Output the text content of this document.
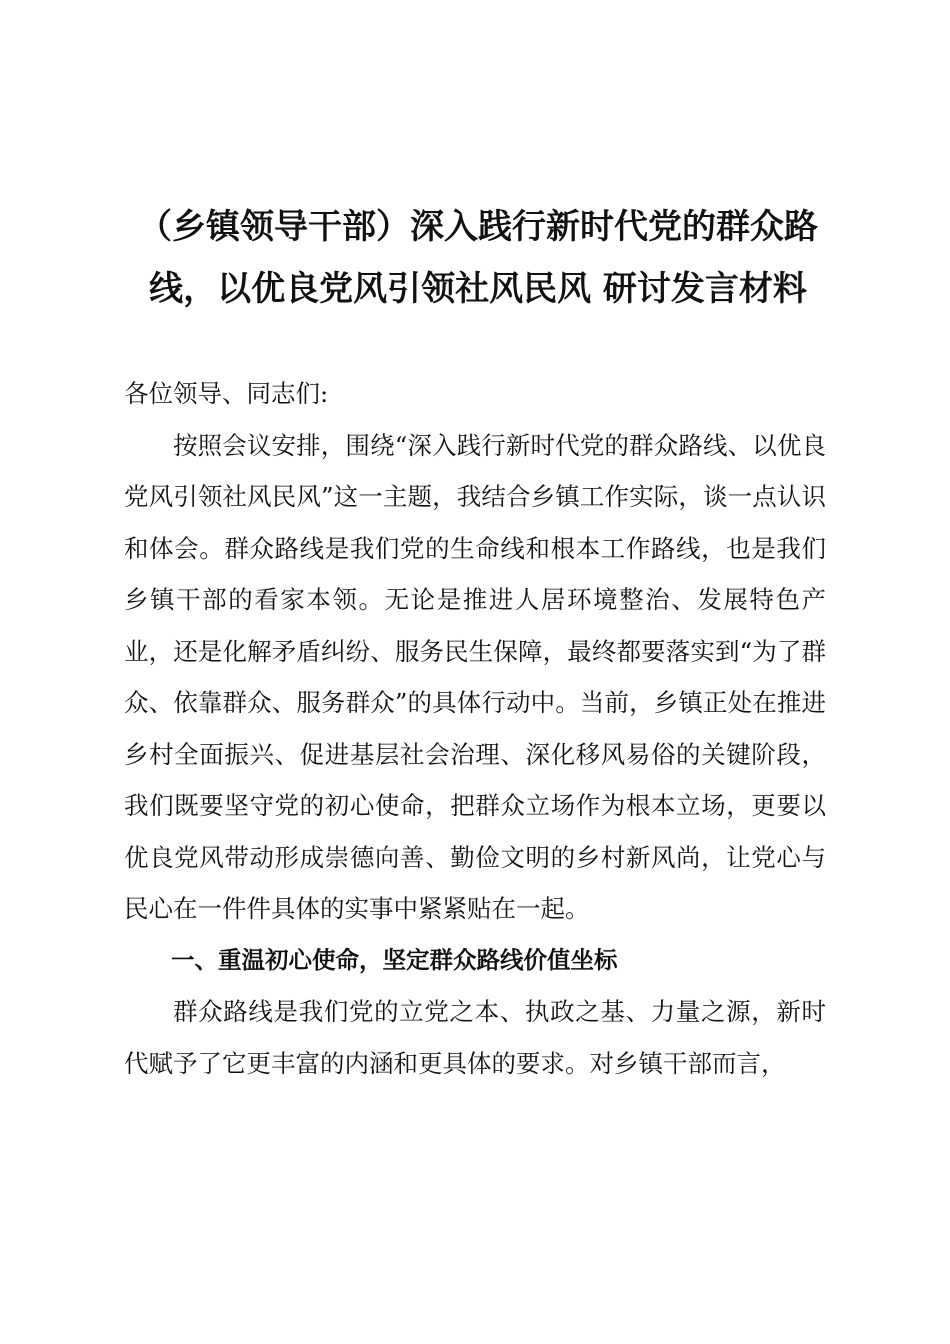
（乡镇领导干部）深入践行新时代党的群众路线，以优良党风引领社风民风 研讨发言材料

各位领导、同志们:

按照会议安排，围绕“深入践行新时代党的群众路线、以优良党风引领社风民风”这一主题，我结合乡镇工作实际，谈一点认识和体会。群众路线是我们党的生命线和根本工作路线，也是我们乡镇干部的看家本领。无论是推进人居环境整治、发展特色产业，还是化解矛盾纠纷、服务民生保障，最终都要落实到“为了群众、依靠群众、服务群众”的具体行动中。当前，乡镇正处在推进乡村全面振兴、促进基层社会治理、深化移风易俗的关键阶段，我们既要坚守党的初心使命，把群众立场作为根本立场，更要以优良党风带动形成崇德向善、勤俭文明的乡村新风尚，让党心与民心在一件件具体的实事中紧紧贴在一起。

一、重温初心使命，坚定群众路线价值坐标

群众路线是我们党的立党之本、执政之基、力量之源，新时代赋予了它更丰富的内涵和更具体的要求。对乡镇干部而言，
